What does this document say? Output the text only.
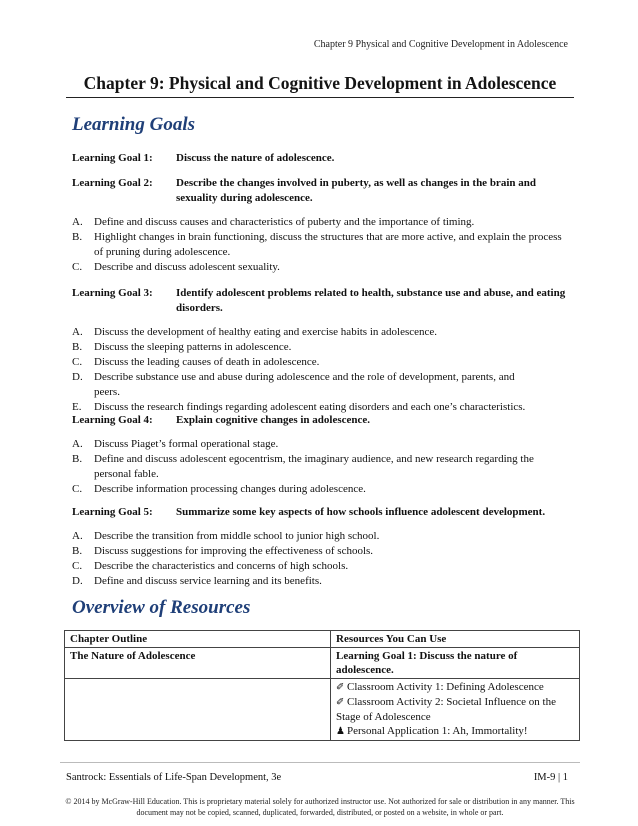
Chapter 9 Physical and Cognitive Development in Adolescence
Chapter 9: Physical and Cognitive Development in Adolescence
Learning Goals
Learning Goal 1:	Discuss the nature of adolescence.
Learning Goal 2:	Describe the changes involved in puberty, as well as changes in the brain and sexuality during adolescence.
A.	Define and discuss causes and characteristics of puberty and the importance of timing.
B.	Highlight changes in brain functioning, discuss the structures that are more active, and explain the process of pruning during adolescence.
C.	Describe and discuss adolescent sexuality.
Learning Goal 3:	Identify adolescent problems related to health, substance use and abuse, and eating disorders.
A.	Discuss the development of healthy eating and exercise habits in adolescence.
B.	Discuss the sleeping patterns in adolescence.
C.	Discuss the leading causes of death in adolescence.
D.	Describe substance use and abuse during adolescence and the role of development, parents, and peers.
E.	Discuss the research findings regarding adolescent eating disorders and each one’s characteristics.
Learning Goal 4:	Explain cognitive changes in adolescence.
A.	Discuss Piaget’s formal operational stage.
B.	Define and discuss adolescent egocentrism, the imaginary audience, and new research regarding the personal fable.
C.	Describe information processing changes during adolescence.
Learning Goal 5:	Summarize some key aspects of how schools influence adolescent development.
A.	Describe the transition from middle school to junior high school.
B.	Discuss suggestions for improving the effectiveness of schools.
C.	Describe the characteristics and concerns of high schools.
D.	Define and discuss service learning and its benefits.
Overview of Resources
Chapter Outline	Resources You Can Use
The Nature of Adolescence	Learning Goal 1: Discuss the nature of adolescence.

	✐ Classroom Activity 1: Defining Adolescence
✐ Classroom Activity 2: Societal Influence on the Stage of Adolescence
♟ Personal Application 1: Ah, Immortality!
Santrock: Essentials of Life-Span Development, 3e	IM-9 | 1
© 2014 by McGraw-Hill Education. This is proprietary material solely for authorized instructor use. Not authorized for sale or distribution in any manner. This document may not be copied, scanned, duplicated, forwarded, distributed, or posted on a website, in whole or part.
